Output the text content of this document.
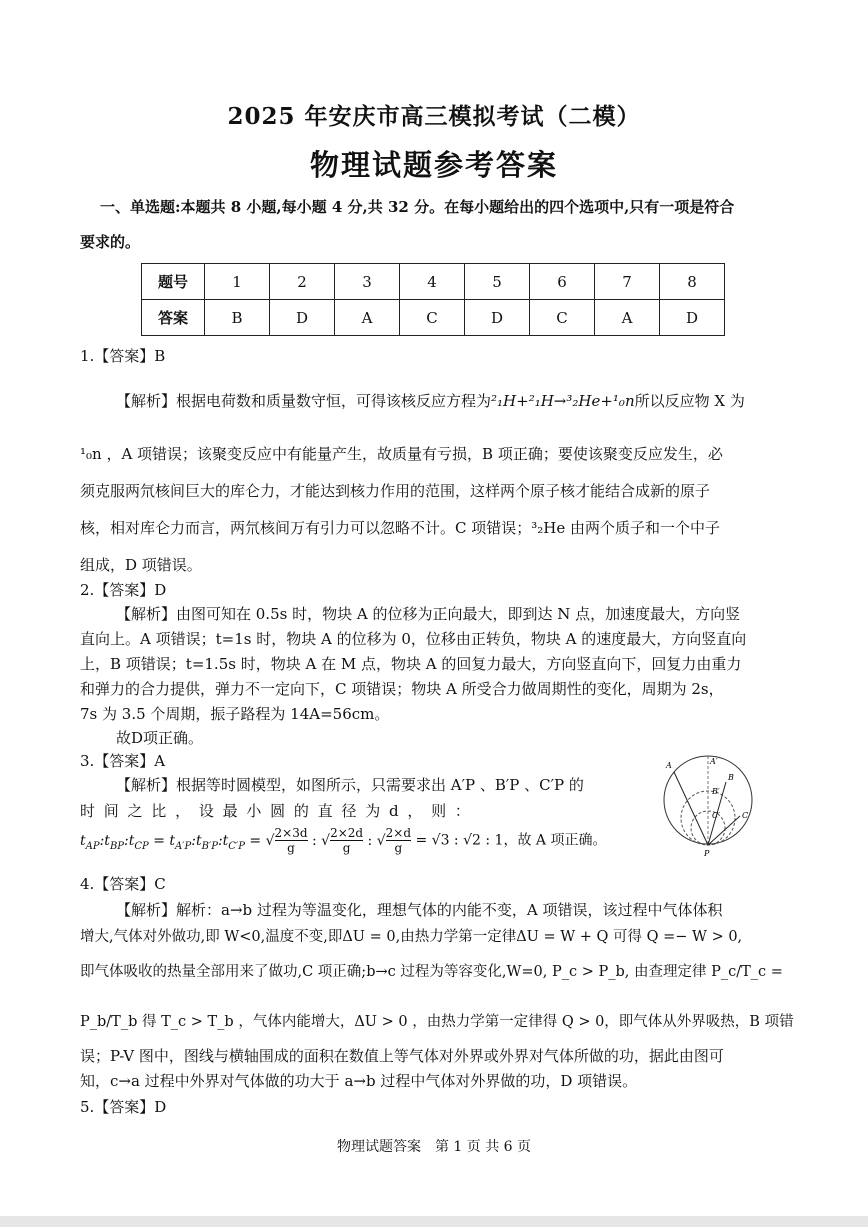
2025 年安庆市高三模拟考试（二模）
物理试题参考答案
一、单选题:本题共 8 小题,每小题 4 分,共 32 分。在每小题给出的四个选项中,只有一项是符合
要求的。
题号	1	2	3	4	5	6	7	8
答案	B	D	A	C	D	C	A	D
1.【答案】B
【解析】根据电荷数和质量数守恒，可得该核反应方程为²₁H+²₁H→³₂He+¹₀n所以反应物 X 为
¹₀n ，A 项错误；该聚变反应中有能量产生，故质量有亏损，B 项正确；要使该聚变反应发生，必
须克服两氘核间巨大的库仑力，才能达到核力作用的范围，这样两个原子核才能结合成新的原子
核，相对库仑力而言，两氘核间万有引力可以忽略不计。C 项错误；³₂He 由两个质子和一个中子
组成，D 项错误。
2.【答案】D
【解析】由图可知在 0.5s 时，物块 A 的位移为正向最大，即到达 N 点，加速度最大，方向竖
直向上。A 项错误；t=1s 时，物块 A 的位移为 0，位移由正转负，物块 A 的速度最大，方向竖直向
上，B 项错误；t=1.5s 时，物块 A 在 M 点，物块 A 的回复力最大，方向竖直向下，回复力由重力
和弹力的合力提供，弹力不一定向下，C 项错误；物块 A 所受合力做周期性的变化，周期为 2s，
7s 为 3.5 个周期，振子路程为 14A=56cm。
故D项正确。
3.【答案】A
【解析】根据等时圆模型，如图所示，只需要求出 A′P 、B′P 、C′P 的
时 间 之 比 ， 设 最 小 圆 的 直 径 为 d ， 则 ：
$t_{AP}:t_{BP}:t_{CP}$ = $t_{A'P}:t_{B'P}:t_{C'P}$ = √ $\frac{2\times 3d}{g}$ : √ $\frac{2\times 2d}{g}$ : √ $\frac{2\times d}{g} = √3$ : √2 : 1，故 A 项正确。
A	A′
B
B′
C′	C
P
4.【答案】C
【解析】解析：a→b 过程为等温变化，理想气体的内能不变，A 项错误，该过程中气体体积
增大,气体对外做功,即 W<0,温度不变,即ΔU = 0,由热力学第一定律ΔU = W + Q 可得 Q =− W > 0,
即气体吸收的热量全部用来了做功,C 项正确;b→c 过程为等容变化,W=0, P_c > P_b, 由查理定律 P_c/T_c =
P_b/T_b 得 T_c > T_b ，气体内能增大，ΔU > 0 ，由热力学第一定律得 Q > 0，即气体从外界吸热，B 项错
误；P-V 图中，图线与横轴围成的面积在数值上等气体对外界或外界对气体所做的功，据此由图可
知，c→a 过程中外界对气体做的功大于 a→b 过程中气体对外界做的功，D 项错误。
5.【答案】D
物理试题答案　第 1 页 共 6 页
